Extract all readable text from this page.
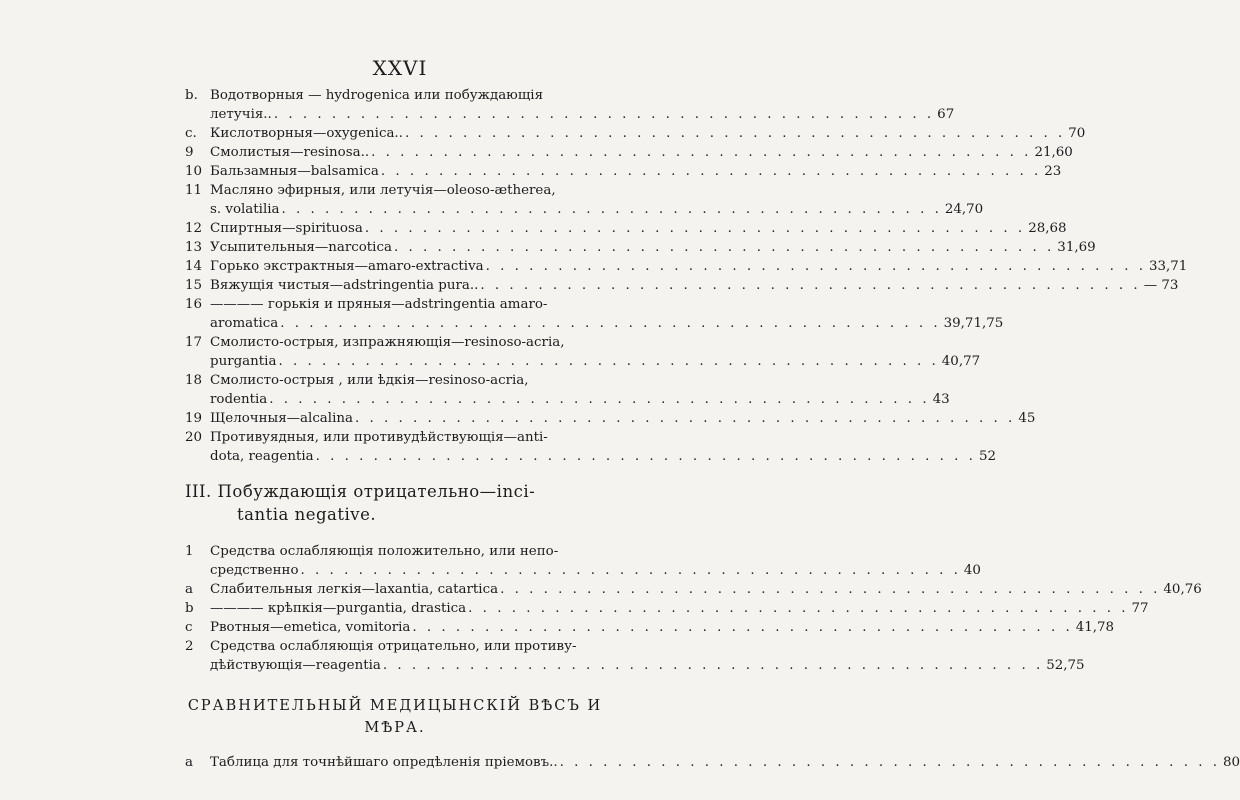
XXVI
b. Водотворныя — hydrogenica или побуждающія
летучія.. . . . . . . . . . . . . . . . . . . . . . . . . . . . . . . . . . . . . . . . . . . . . . . 67
c. Кислотворныя—oxygenica.. . . . . . . . . . . . . . . . . . . . . . . . . . . . . . . . . . . . . . . . . . . . . . . 70
9	Смолистыя—resinosa.. . . . . . . . . . . . . . . . . . . . . . . . . . . . . . . . . . . . . . . . . . . . . . . 21,60
10 Бальзамныя—balsamica . . . . . . . . . . . . . . . . . . . . . . . . . . . . . . . . . . . . . . . . . . . . . . 23
11 Масляно эфирныя, или летучія—oleoso-ætherea,
s. volatilia . . . . . . . . . . . . . . . . . . . . . . . . . . . . . . . . . . . . . . . . . . . . . . 24,70
12 Спиртныя—spirituosa . . . . . . . . . . . . . . . . . . . . . . . . . . . . . . . . . . . . . . . . . . . . . . 28,68
13 Усыпительныя—narcotica . . . . . . . . . . . . . . . . . . . . . . . . . . . . . . . . . . . . . . . . . . . . . . 31,69
14 Горько экстрактныя—amaro-extractiva . . . . . . . . . . . . . . . . . . . . . . . . . . . . . . . . . . . . . . . . . . . . . . 33,71
15 Вяжущія чистыя—adstringentia pura.. . . . . . . . . . . . . . . . . . . . . . . . . . . . . . . . . . . . . . . . . . . . . . . — 73
16 ———— горькія и пряныя—adstringentia amaro-
aromatica . . . . . . . . . . . . . . . . . . . . . . . . . . . . . . . . . . . . . . . . . . . . . . 39,71,75
17 Смолисто-острыя, изпражняющія—resinoso-acria,
purgantia . . . . . . . . . . . . . . . . . . . . . . . . . . . . . . . . . . . . . . . . . . . . . . 40,77
18 Смолисто-острыя , или ѣдкія—resinoso-acria,
rodentia . . . . . . . . . . . . . . . . . . . . . . . . . . . . . . . . . . . . . . . . . . . . . . 43
19 Щелочныя—alcalina . . . . . . . . . . . . . . . . . . . . . . . . . . . . . . . . . . . . . . . . . . . . . . 45
20 Противуядныя, или противудѣйствующія—anti-
dota, reagentia . . . . . . . . . . . . . . . . . . . . . . . . . . . . . . . . . . . . . . . . . . . . . . 52
III. Побуждающія отрицательно—inci-
tantia negative.
1	Средства ослабляющія положительно, или непо-
средственно . . . . . . . . . . . . . . . . . . . . . . . . . . . . . . . . . . . . . . . . . . . . . . 40
a	Слабительныя легкія—laxantia, catartica . . . . . . . . . . . . . . . . . . . . . . . . . . . . . . . . . . . . . . . . . . . . . . 40,76
b	———— крѣпкія—purgantia, drastica . . . . . . . . . . . . . . . . . . . . . . . . . . . . . . . . . . . . . . . . . . . . . . 77
c	Рвотныя—emetica, vomitoria . . . . . . . . . . . . . . . . . . . . . . . . . . . . . . . . . . . . . . . . . . . . . . 41,78
2	Средства ослабляющія отрицательно, или противу-
дѣйствующія—reagentia . . . . . . . . . . . . . . . . . . . . . . . . . . . . . . . . . . . . . . . . . . . . . . 52,75
СРАВНИТЕЛЬНЫЙ МЕДИЦЫНСКІЙ ВѢСЪ И
МѢРА.
а	Таблица для точнѣйшаго опредѣленія пріемовъ.. . . . . . . . . . . . . . . . . . . . . . . . . . . . . . . . . . . . . . . . . . . . . . . 80
